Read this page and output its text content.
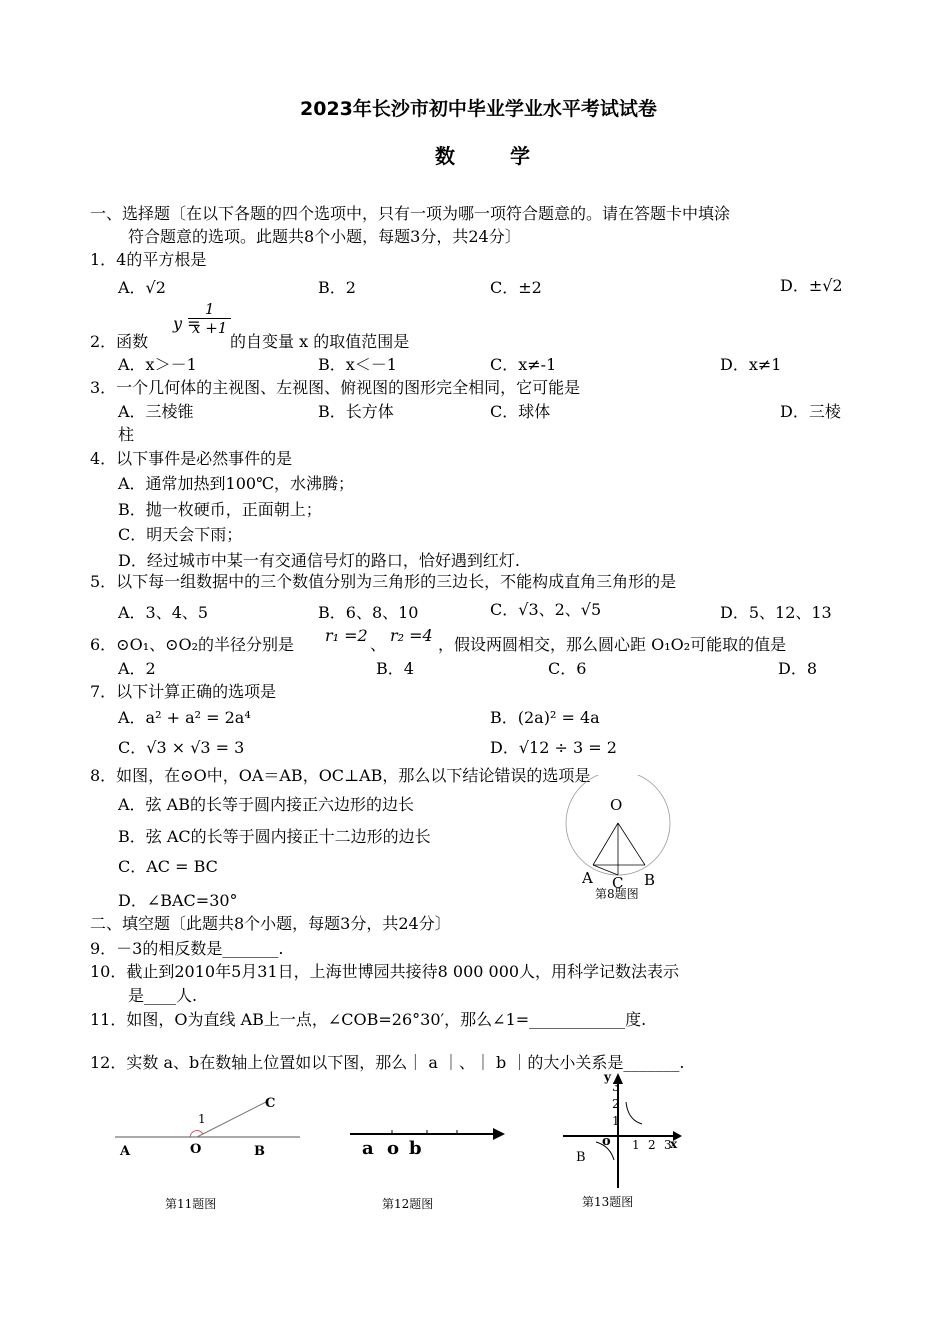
2023年长沙市初中毕业学业水平考试试卷
数 学
一、选择题〔在以下各题的四个选项中，只有一项为哪一项符合题意的。请在答题卡中填涂
符合题意的选项。此题共8个小题，每题3分，共24分〕
1．4的平方根是
A．√2	B．2	C．±2	D．±√2
2．函数
y =
$\frac{1}{x +1}$
的自变量 x 的取值范围是
A．x＞－1	B．x＜－1	C．x≠-1	D．x≠1
3．一个几何体的主视图、左视图、俯视图的图形完全相同，它可能是
A．三棱锥	B．长方体	C．球体	D．三棱
柱
4．以下事件是必然事件的是
A．通常加热到100℃，水沸腾；
B．抛一枚硬币，正面朝上；
C．明天会下雨；
D．经过城市中某一有交通信号灯的路口，恰好遇到红灯.
5．以下每一组数据中的三个数值分别为三角形的三边长，不能构成直角三角形的是
A．3、4、5	B．6、8、10	C．√3、2、√5	D．5、12、13
6．⊙O₁、⊙O₂的半径分别是 r₁ =2 、 r₂ =4 ，假设两圆相交，那么圆心距 O₁O₂可能取的值是
A．2	B．4	C．6	D．8
7．以下计算正确的选项是
A．a² + a² = 2a⁴	B．(2a)² = 4a
C．√3 × √3 = 3	D．√12 ÷ 3 = 2
8．如图，在⊙O中，OA＝AB，OC⊥AB，那么以下结论错误的选项是
A．弦 AB的长等于圆内接正六边形的边长
B．弦 AC的长等于圆内接正十二边形的边长
C．AC = BC
D．∠BAC=30°
O
A C B
第8题图
二、填空题〔此题共8个小题，每题3分，共24分〕
9．－3的相反数是_______.
10．截止到2010年5月31日，上海世博园共接待8 000 000人，用科学记数法表示
是____人.
11．如图，O为直线 AB上一点，∠COB=26°30′，那么∠1=____________度.
12．实数 a、b在数轴上位置如以下图，那么｜ a ｜、｜ b ｜的大小关系是_______.
A	O	B
C
1
第11题图
a o b
第12题图
y
x
3
2
1
1 2 3
o
B
第13题图
